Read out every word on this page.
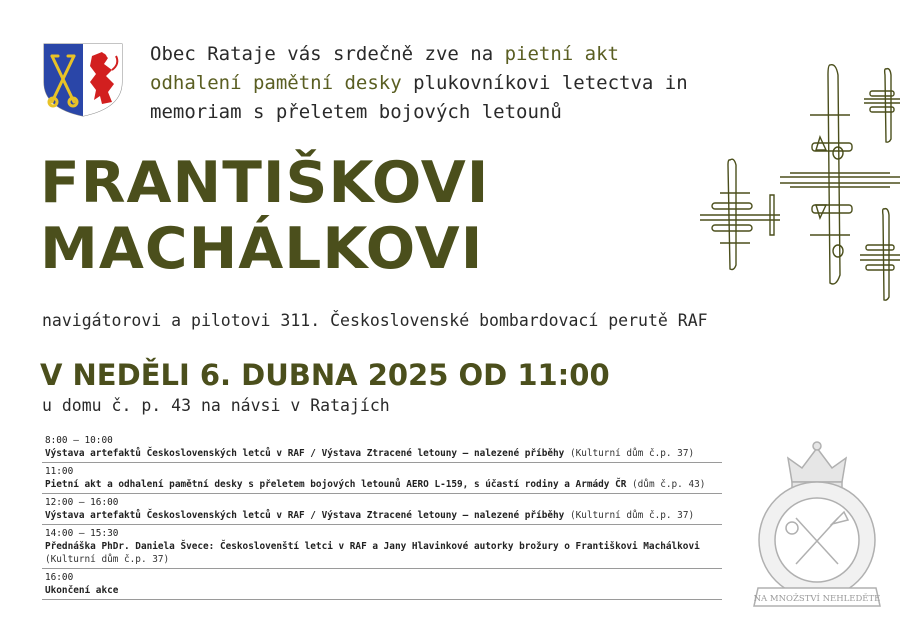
Obec Rataje vás srdečně zve na pietní akt odhalení pamětní desky plukovníkovi letectva in memoriam s přeletem bojových letounů
FRANTIŠKOVI
MACHÁLKOVI
navigátorovi a pilotovi 311. Československé bombardovací perutě RAF
V NEDĚLI 6. DUBNA 2025 OD 11:00
u domu č. p. 43 na návsi v Ratajích
8:00 – 10:00
Výstava artefaktů Československých letců v RAF / Výstava Ztracené letouny – nalezené příběhy (Kulturní dům č.p. 37)
11:00
Pietní akt a odhalení pamětní desky s přeletem bojových letounů AERO L-159, s účastí rodiny a Armády ČR (dům č.p. 43)
12:00 – 16:00
Výstava artefaktů Československých letců v RAF / Výstava Ztracené letouny – nalezené příběhy (Kulturní dům č.p. 37)
14:00 – 15:30
Přednáška PhDr. Daniela Švece: Českoslovenští letci v RAF a Jany Hlavinkové autorky brožury o Františkovi Machálkovi (Kulturní dům č.p. 37)
16:00
Ukončení akce
NA MNOŽSTVÍ NEHLEDĚTE
